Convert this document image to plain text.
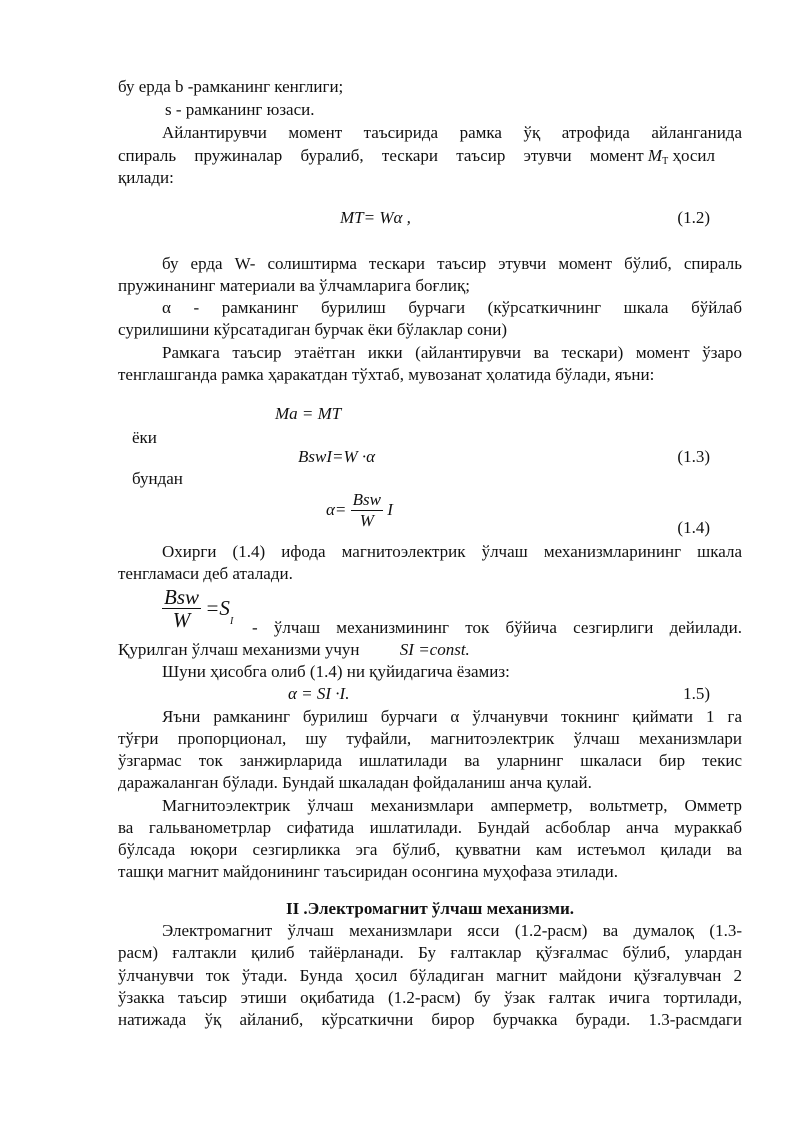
бу ерда b -рамканинг кенглиги;
s - рамканинг юзаси.
Айлантирувчи момент таъсирида рамка ўқ атрофида айланганида
спираль пружиналар буралиб, тескари таъсир этувчи момент $M_T$ ҳосил
қилади:
MT= Wα ,	(1.2)
бу ерда W- солиштирма тескари таъсир этувчи момент бўлиб, спираль
пружинанинг материали ва ўлчамларига боғлиқ;
α - рамканинг бурилиш бурчаги (кўрсаткичнинг шкала бўйлаб
сурилишини кўрсатадиган бурчак ёки бўлаклар сони)
Рамкага таъсир этаётган икки (айлантирувчи ва тескари) момент ўзаро
тенглашганда рамка ҳаракатдан тўхтаб, мувозанат ҳолатида бўлади, яъни:
Ma = MT
ёки
BswI=W ∙α	(1.3)
бундан
$\alpha= \frac{\text{Bsw}}{W}$ I
(1.4)
Охирги (1.4) ифода магнитоэлектрик ўлчаш механизмларининг шкала
тенгламаси деб аталади.
$\frac{\text{Bsw}}{W} =S_I$ - ўлчаш механизмининг ток бўйича сезгирлиги дейилади.
Қурилган ўлчаш механизми учун SI =const.
Шуни ҳисобга олиб (1.4) ни қуйидагича ёзамиз:
α = SI ∙I.	1.5)
Яъни рамканинг бурилиш бурчаги α ўлчанувчи токнинг қиймати 1 га
тўғри пропорционал, шу туфайли, магнитоэлектрик ўлчаш механизмлари
ўзгармас ток занжирларида ишлатилади ва уларнинг шкаласи бир текис
даражаланган бўлади. Бундай шкаладан фойдаланиш анча қулай.
Магнитоэлектрик ўлчаш механизмлари амперметр, вольтметр, Омметр
ва гальванометрлар сифатида ишлатилади. Бундай асбоблар анча мураккаб
бўлсада юқори сезгирликка эга бўлиб, қувватни кам истеъмол қилади ва
ташқи магнит майдонининг таъсиридан осонгина муҳофаза этилади.
II .Электромагнит ўлчаш механизми.
Электромагнит ўлчаш механизмлари ясси (1.2-расм) ва думалоқ (1.3-
расм) ғалтакли қилиб тайёрланади. Бу ғалтаклар қўзғалмас бўлиб, улардан
ўлчанувчи ток ўтади. Бунда ҳосил бўладиган магнит майдони қўзғалувчан 2
ўзакка таъсир этиши оқибатида (1.2-расм) бу ўзак ғалтак ичига тортилади,
натижада ўқ айланиб, кўрсаткични бирор бурчакка буради. 1.3-расмдаги
